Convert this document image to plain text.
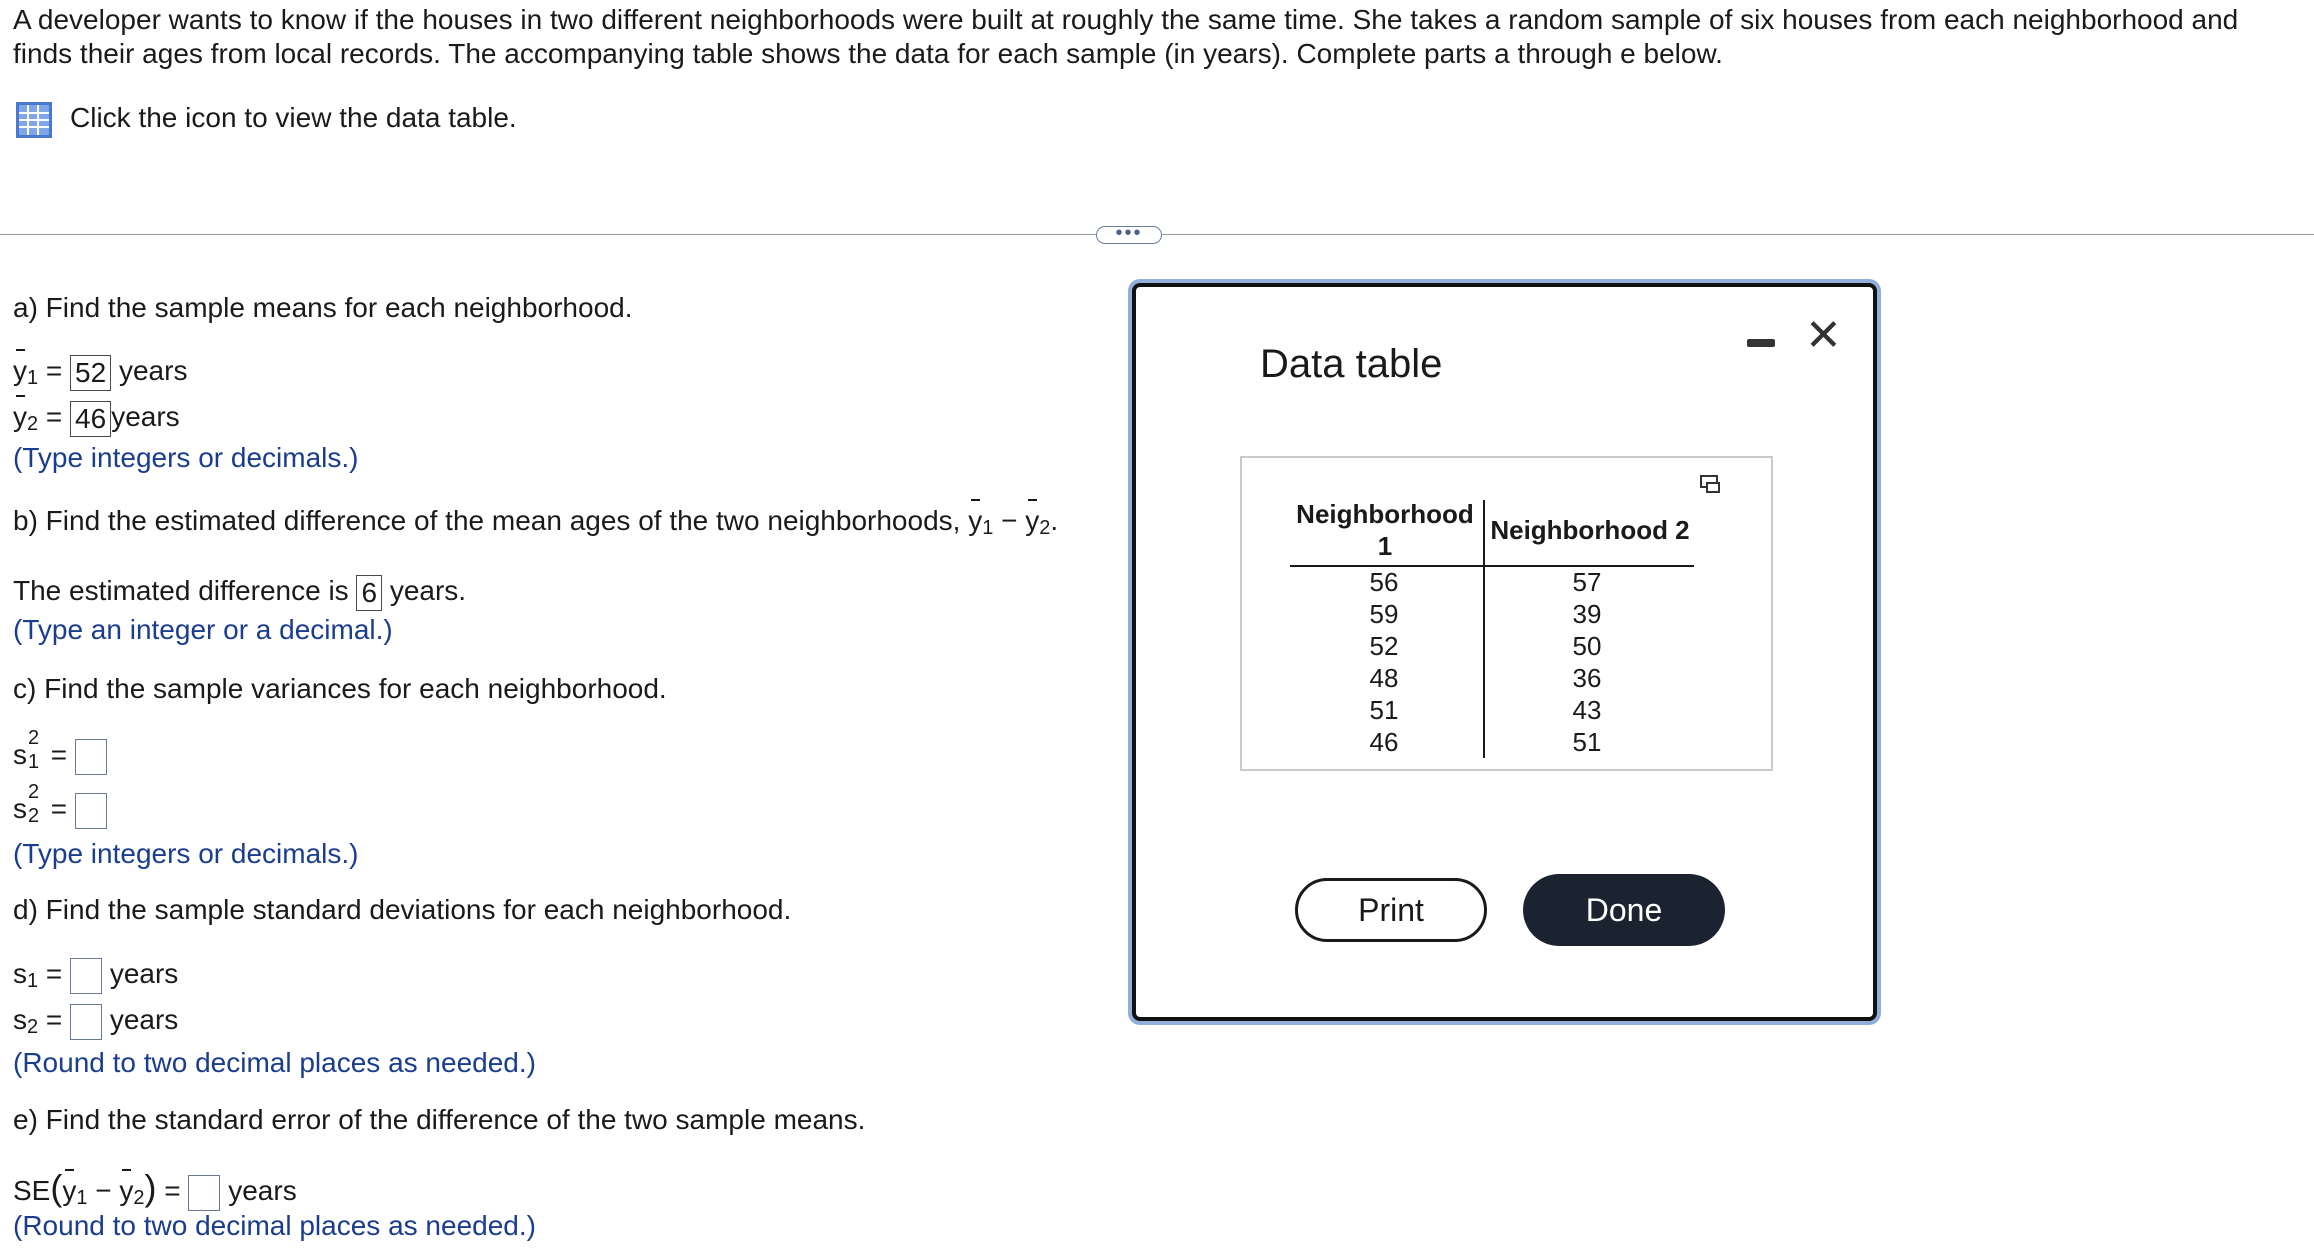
A developer wants to know if the houses in two different neighborhoods were built at roughly the same time. She takes a random sample of six houses from each neighborhood and finds their ages from local records. The accompanying table shows the data for each sample (in years). Complete parts a through e below.
Click the icon to view the data table.
•••
a) Find the sample means for each neighborhood.
$y_1 = 52$ years
$y_2 = 46$ years
(Type integers or decimals.)
b) Find the estimated difference of the mean ages of the two neighborhoods, $y_1 - y_2$.
The estimated difference is 6 years.
(Type an integer or a decimal.)
c) Find the sample variances for each neighborhood.
s
2
1 =
s
2
2 =
(Type integers or decimals.)
d) Find the sample standard deviations for each neighborhood.
$s_1$ =  years
$s_2$ =  years
(Round to two decimal places as needed.)
e) Find the standard error of the difference of the two sample means.
$SE(y_1 - y_2)$ =  years
(Round to two decimal places as needed.)
Data table
✕
Neighborhood
1
Neighborhood 2
56
59
52
48
51
46
57
39
50
36
43
51
Print	Done
